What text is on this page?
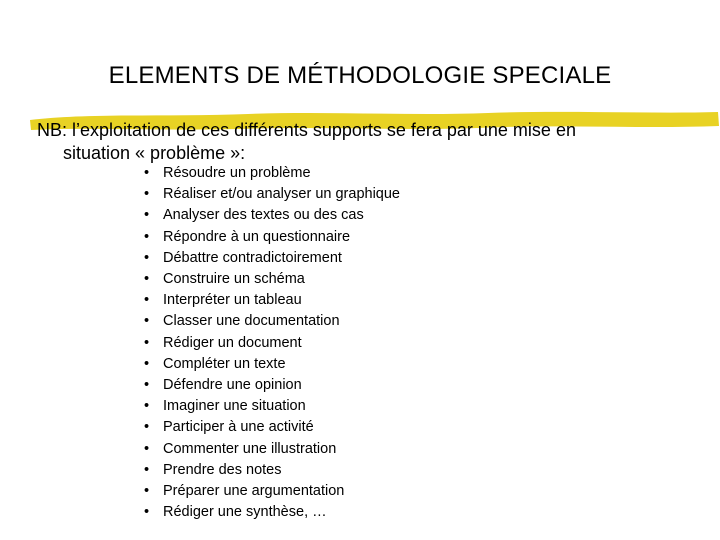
ELEMENTS DE MÉTHODOLOGIE SPECIALE
NB: l’exploitation de ces différents supports se fera par une mise en
situation « problème »:
• Résoudre un problème
• Réaliser et/ou analyser un graphique
• Analyser des textes ou des cas
• Répondre à un questionnaire
• Débattre contradictoirement
• Construire un schéma
• Interpréter un tableau
• Classer une documentation
• Rédiger un document
• Compléter un texte
• Défendre une opinion
• Imaginer une situation
• Participer à une activité
• Commenter une illustration
• Prendre des notes
• Préparer une argumentation
• Rédiger une synthèse, …
